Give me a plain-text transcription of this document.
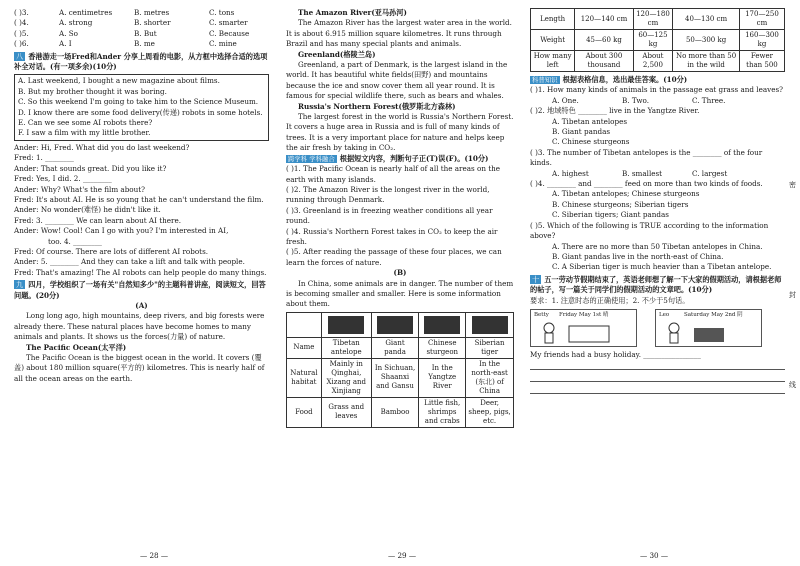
( )3.	A. centimetres	B. metres	C. tons
( )4.	A. strong	B. shorter	C. smarter
( )5.	A. So	B. But	C. Because
( )6.	A. I	B. me	C. mine
八 香港游走一场Fred和Ander 分享上周看的电影，从方框中选择合适的选项补全对话。(有一项多余)(10分)
A. Last weekend, I bought a new magazine about films.
B. But my brother thought it was boring.
C. So this weekend I'm going to take him to the Science Museum.
D. I know there are some food delivery(传递) robots in some hotels.
E. Can we see some AI robots there?
F. I saw a film with my little brother.
Ander: Hi, Fred. What did you do last weekend?
Fred: 1. ________
Ander: That sounds great. Did you like it?
Fred: Yes, I did. 2. ________
Ander: Why? What's the film about?
Fred: It's about AI. He is so young that he can't understand the film.
Ander: No wonder(难怪) he didn't like it.
Fred: 3. ________ We can learn about AI there.
Ander: Wow! Cool! Can I go with you? I'm interested in AI,
too. 4. ________
Fred: Of course. There are lots of different AI robots.
Ander: 5. ________ And they can take a lift and talk with people.
Fred: That's amazing! The AI robots can help people do many things.
九 四月，学校组织了一场有关"自然知多少"的主题科普讲座，阅读短文，回答问题。(20分)
(A)
Long long ago, high mountains, deep rivers, and big forests were already there. These natural places have become homes to many animals and plants. It shows us the forces(力量) of nature.
The Pacific Ocean(太平洋)
The Pacific Ocean is the biggest ocean in the world. It covers (覆盖) about 180 million square(平方的) kilometres. This is nearly half of all the ocean areas on the earth.
— 28 —
The Amazon River(亚马孙河)
The Amazon River has the largest water area in the world. It is about 6.915 million square kilometres. It runs through Brazil and has many special plants and animals.
Greenland(格陵兰岛)
Greenland, a part of Denmark, is the largest island in the world. It has beautiful white fields(田野) and mountains because the ice and snow cover them all year round. It is famous for special wildlife there, such as bears and whales.
Russia's Northern Forest(俄罗斯北方森林)
The largest forest in the world is Russia's Northern Forest. It covers a huge area in Russia and is full of many kinds of trees. It is a very important place for nature and helps keep the air fresh by taking in CO₂.
跨学科 学科融合 根据短文内容，判断句子正(T)误(F)。(10分)
( )1. The Pacific Ocean is nearly half of all the areas on the earth with many islands.
( )2. The Amazon River is the longest river in the world, running through Denmark.
( )3. Greenland is in freezing weather conditions all year round.
( )4. Russia's Northern Forest takes in CO₂ to keep the air fresh.
( )5. After reading the passage of these four places, we can learn the forces of nature.
(B)
In China, some animals are in danger. The number of them is becoming smaller and smaller. Here is some information about them.

Name	Tibetan antelope	Giant panda	Chinese sturgeon	Siberian tiger
Natural habitat	Mainly in Qinghai, Xizang and Xinjiang	In Sichuan, Shaanxi and Gansu	In the Yangtze River	In the north-east (东北) of China
Food	Grass and leaves	Bamboo	Little fish, shrimps and crabs	Deer, sheep, pigs, etc.
— 29 —
Length	120—140 cm	120—180 cm	40—130 cm	170—250 cm
Weight	45—60 kg	60—125 kg	50—300 kg	160—300 kg
How many left	About 300 thousand	About 2,500	No more than 50 in the wild	Fewer than 500
科普知识 根据表格信息，选出最佳答案。(10分)
( )1. How many kinds of animals in the passage eat grass and leaves?
A. One.	B. Two.	C. Three.
( )2. 地域特色 ________ live in the Yangtze River.
A. Tibetan antelopes
B. Giant pandas
C. Chinese sturgeons
( )3. The number of Tibetan antelopes is the ________ of the four kinds.
A. highest	B. smallest	C. largest
( )4. ________ and ________ feed on more than two kinds of foods.
A. Tibetan antelopes; Chinese sturgeons
B. Chinese sturgeons; Siberian tigers
C. Siberian tigers; Giant pandas
( )5. Which of the following is TRUE according to the information above?
A. There are no more than 50 Tibetan antelopes in China.
B. Giant pandas live in the north-east of China.
C. A Siberian tiger is much heavier than a Tibetan antelope.
十 五一劳动节假期结束了，英语老师想了解一下大家的假期活动，请根据老师的帖子，写一篇关于同学们的假期活动的文章吧。(10分)
要求：1. 注意时态的正确使用；2. 不少于5句话。
Betty Friday May 1st 晴	Leo	Saturday May 2nd 阴
My friends had a busy holiday. ________________
— 30 —
密
封
线
